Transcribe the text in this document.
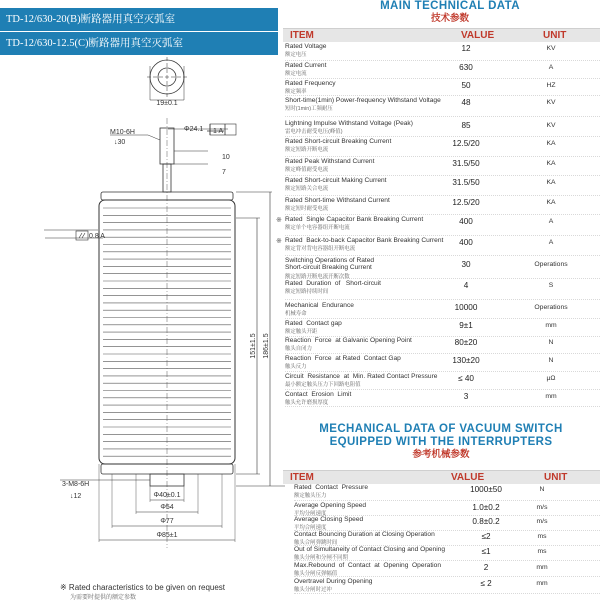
TD-12/630-20(B)断路器用真空灭弧室
TD-12/630-12.5(C)断路器用真空灭弧室
19±0.1
Φ24.1 1 A
M10-6H
↓30
10
7
0.8 A
151±1.5 186±1.5
3-M8-6H
↓12	Φ40±0.1
Φ54
Φ77
Φ85±1
※ Rated characteristics to be given on request
为需要时提供的额定参数
MAIN TECHNICAL DATA
技术参数
ITEM	VALUE	UNIT
Rated Voltage
额定电压
12	KV
Rated Current
额定电流
630	A
Rated Frequency
额定频率
50	HZ
Short-time(1min) Power-frequency Withstand Voltage
短时(1min)工频耐压
48	KV
Lightning Impulse Withstand Voltage (Peak)
雷电冲击耐受电压(峰值)
85	KV
Rated Short-circuit Breaking Current
额定短路开断电流
12.5/20	KA
Rated Peak Withstand Current
额定峰值耐受电流
31.5/50	KA
Rated Short-circuit Making Current
额定短路关合电流
31.5/50	KA
Rated Short-time Withstand Current
额定短时耐受电流
12.5/20	KA
※ Rated  Single Capacitor Bank Breaking Current
额定单个电容器组开断电流
400	A
※ Rated  Back-to-back Capacitor Bank Breaking Current
额定背对背电容器组开断电流
400	A
Switching Operations of Rated
Short-circuit Breaking Current
额定短路开断电流开断次数
30	Operations
Rated  Duration  of   Short-circuit
额定短路持续时间
4	S
Mechanical  Endurance
机械寿命
10000	Operations
Rated  Contact gap
额定触头开距
9±1	mm
Reaction  Force  at Galvanic Opening Point
触头自闭力
80±20	N
Reaction  Force  at Rated  Contact Gap
触头反力
130±20	N
Circuit  Resistance  at  Min. Rated Contact Pressure
最小额定触头压力下回路电阻值
≤ 40	μΩ
Contact  Erosion  Limit
触头允许磨损厚度
3	mm
MECHANICAL DATA OF VACUUM SWITCH
EQUIPPED WITH THE INTERRUPTERS
参考机械参数
ITEM	VALUE	UNIT
Rated  Contact  Pressure
额定触头压力
1000±50	N
Average Opening Speed
平均分闸速度
1.0±0.2	m/s
Average Closing Speed
平均合闸速度
0.8±0.2	m/s
Contact Bouncing Duration at Closing Operation
触头合闸弹跳时间
≤2	ms
Out of Simultaneity of Contact Closing and Opening
触头分闸和分闸不同期
≤1	ms
Max.Rebound  of  Contact  at  Opening  Operation
触头分闸反弹幅值
2	mm
Overtravel During Opening
触头分闸时过冲
≤ 2	mm
